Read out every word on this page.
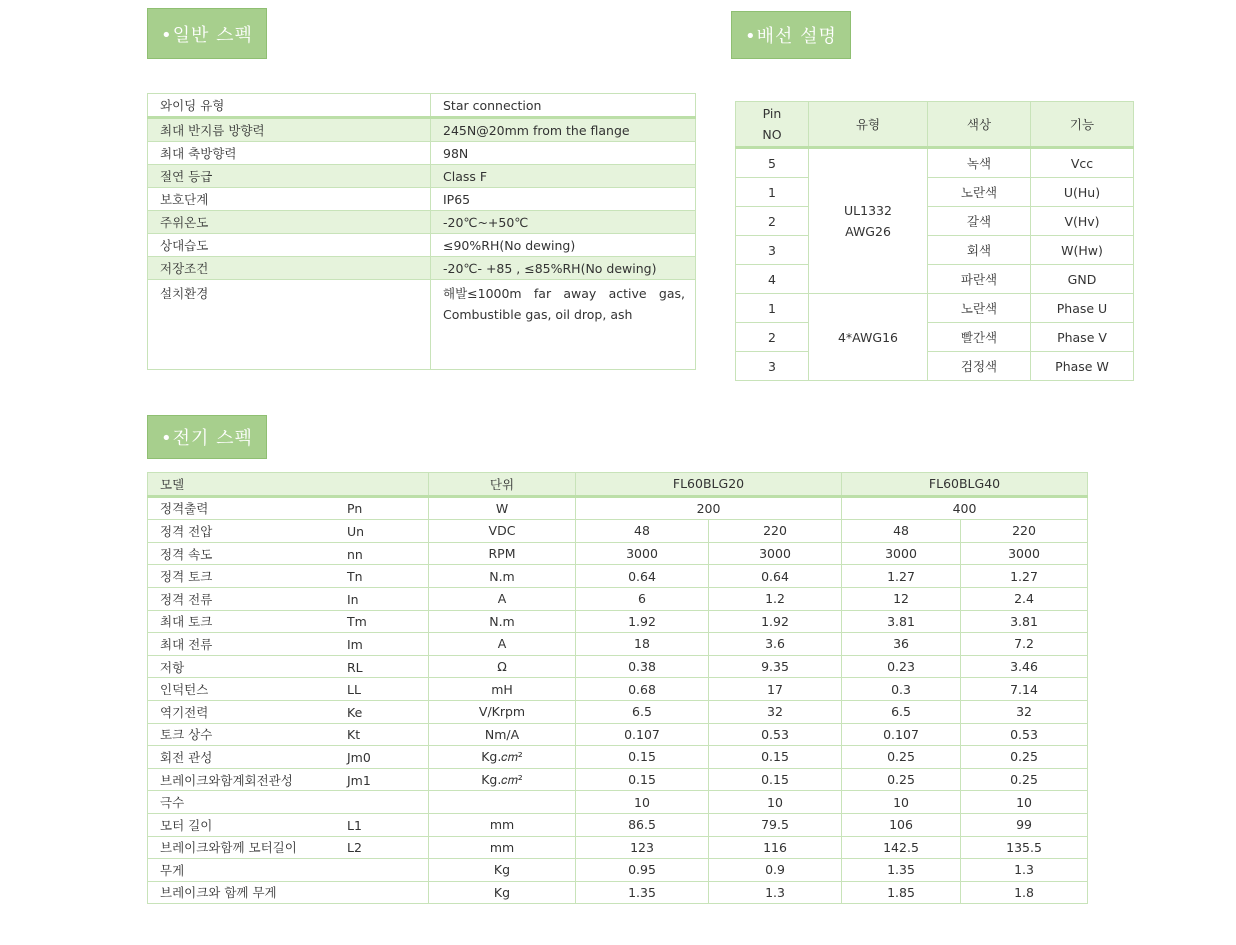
•일반 스펙	•배선 설명
•전기 스펙
와이딩 유형	Star connection
최대 반지름 방향력	245N@20mm from the flange
최대 축방향력	98N
절연 등급	Class F
보호단계	IP65
주위온도	-20℃~+50℃
상대습도	≤90%RH(No dewing)
저장조건	-20℃- +85 , ≤85%RH(No dewing)
설치환경	해발≤1000m far away active gas, Combustible gas, oil drop, ash
Pin NO	유형	색상	기능
5	UL1332 AWG26	녹색	Vcc
1		노란색	U(Hu)
2		갈색	V(Hv)
3		회색	W(Hw)
4		파란색	GND
1	4*AWG16	노란색	Phase U
2		빨간색	Phase V
3		검정색	Phase W
모델	단위	FL60BLG20		FL60BLG40	
정격출력 Pn	W	200		400	
정격 전압 Un	VDC	48	220	48	220
정격 속도 nn	RPM	3000	3000	3000	3000
정격 토크 Tn	N.m	0.64	0.64	1.27	1.27
정격 전류 In	A	6	1.2	12	2.4
최대 토크 Tm	N.m	1.92	1.92	3.81	3.81
최대 전류 Im	A	18	3.6	36	7.2
저항 RL	Ω	0.38	9.35	0.23	3.46
인덕턴스 LL	mH	0.68	17	0.3	7.14
역기전력 Ke	V/Krpm	6.5	32	6.5	32
토크 상수 Kt	Nm/A	0.107	0.53	0.107	0.53
회전 관성 Jm0	Kg.𝑐𝑚²	0.15	0.15	0.25	0.25
브레이크와함계회전관성 Jm1	Kg.𝑐𝑚²	0.15	0.15	0.25	0.25
극수		10	10	10	10
모터 길이 L1	mm	86.5	79.5	106	99
브레이크와함께 모터길이 L2	mm	123	116	142.5	135.5
무게	Kg	0.95	0.9	1.35	1.3
브레이크와 함께 무게	Kg	1.35	1.3	1.85	1.8
